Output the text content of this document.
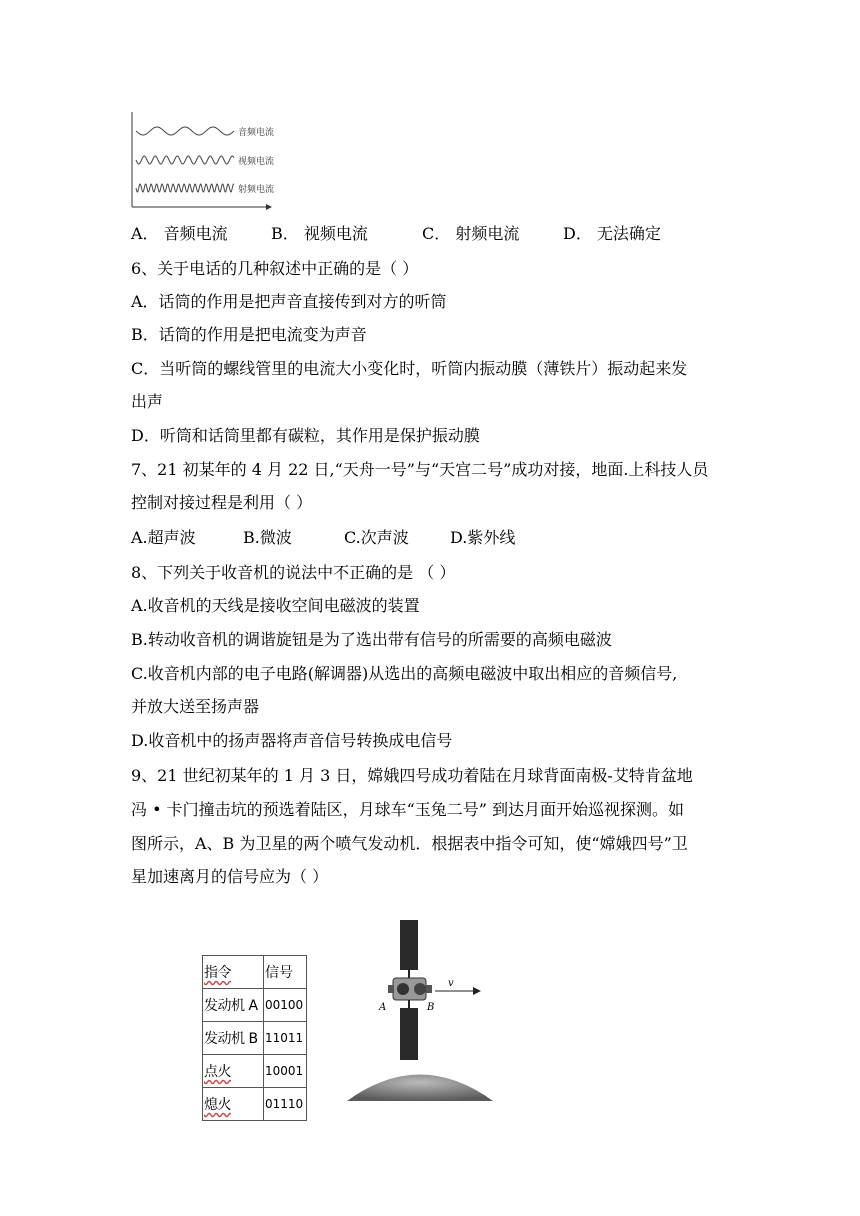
音频电流
视频电流
射频电流
A． 音频电流	B． 视频电流	C． 射频电流	D． 无法确定
6、关于电话的几种叙述中正确的是（ ）
A．话筒的作用是把声音直接传到对方的听筒
B．话筒的作用是把电流变为声音
C．当听筒的螺线管里的电流大小变化时，听筒内振动膜（薄铁片）振动起来发
出声
D．听筒和话筒里都有碳粒，其作用是保护振动膜
7、21 初某年的 4 月 22 日,“天舟一号”与“天宫二号”成功对接，地面.上科技人员
控制对接过程是利用（ ）
A.超声波	B.微波	C.次声波	D.紫外线
8、下列关于收音机的说法中不正确的是 （ ）
A.收音机的天线是接收空间电磁波的装置
B.转动收音机的调谐旋钮是为了选出带有信号的所需要的高频电磁波
C.收音机内部的电子电路(解调器)从选出的高频电磁波中取出相应的音频信号,
并放大送至扬声器
D.收音机中的扬声器将声音信号转换成电信号
9、21 世纪初某年的 1 月 3 日，嫦娥四号成功着陆在月球背面南极-艾特肯盆地
冯 • 卡门撞击坑的预选着陆区，月球车“玉兔二号” 到达月面开始巡视探测。如
图所示，A、B 为卫星的两个喷气发动机．根据表中指令可知，使“嫦娥四号”卫
星加速离月的信号应为（ ）
指令	信号
发动机 A	00100
发动机 B	11011
点火	10001
熄火	01110
v
A	B
